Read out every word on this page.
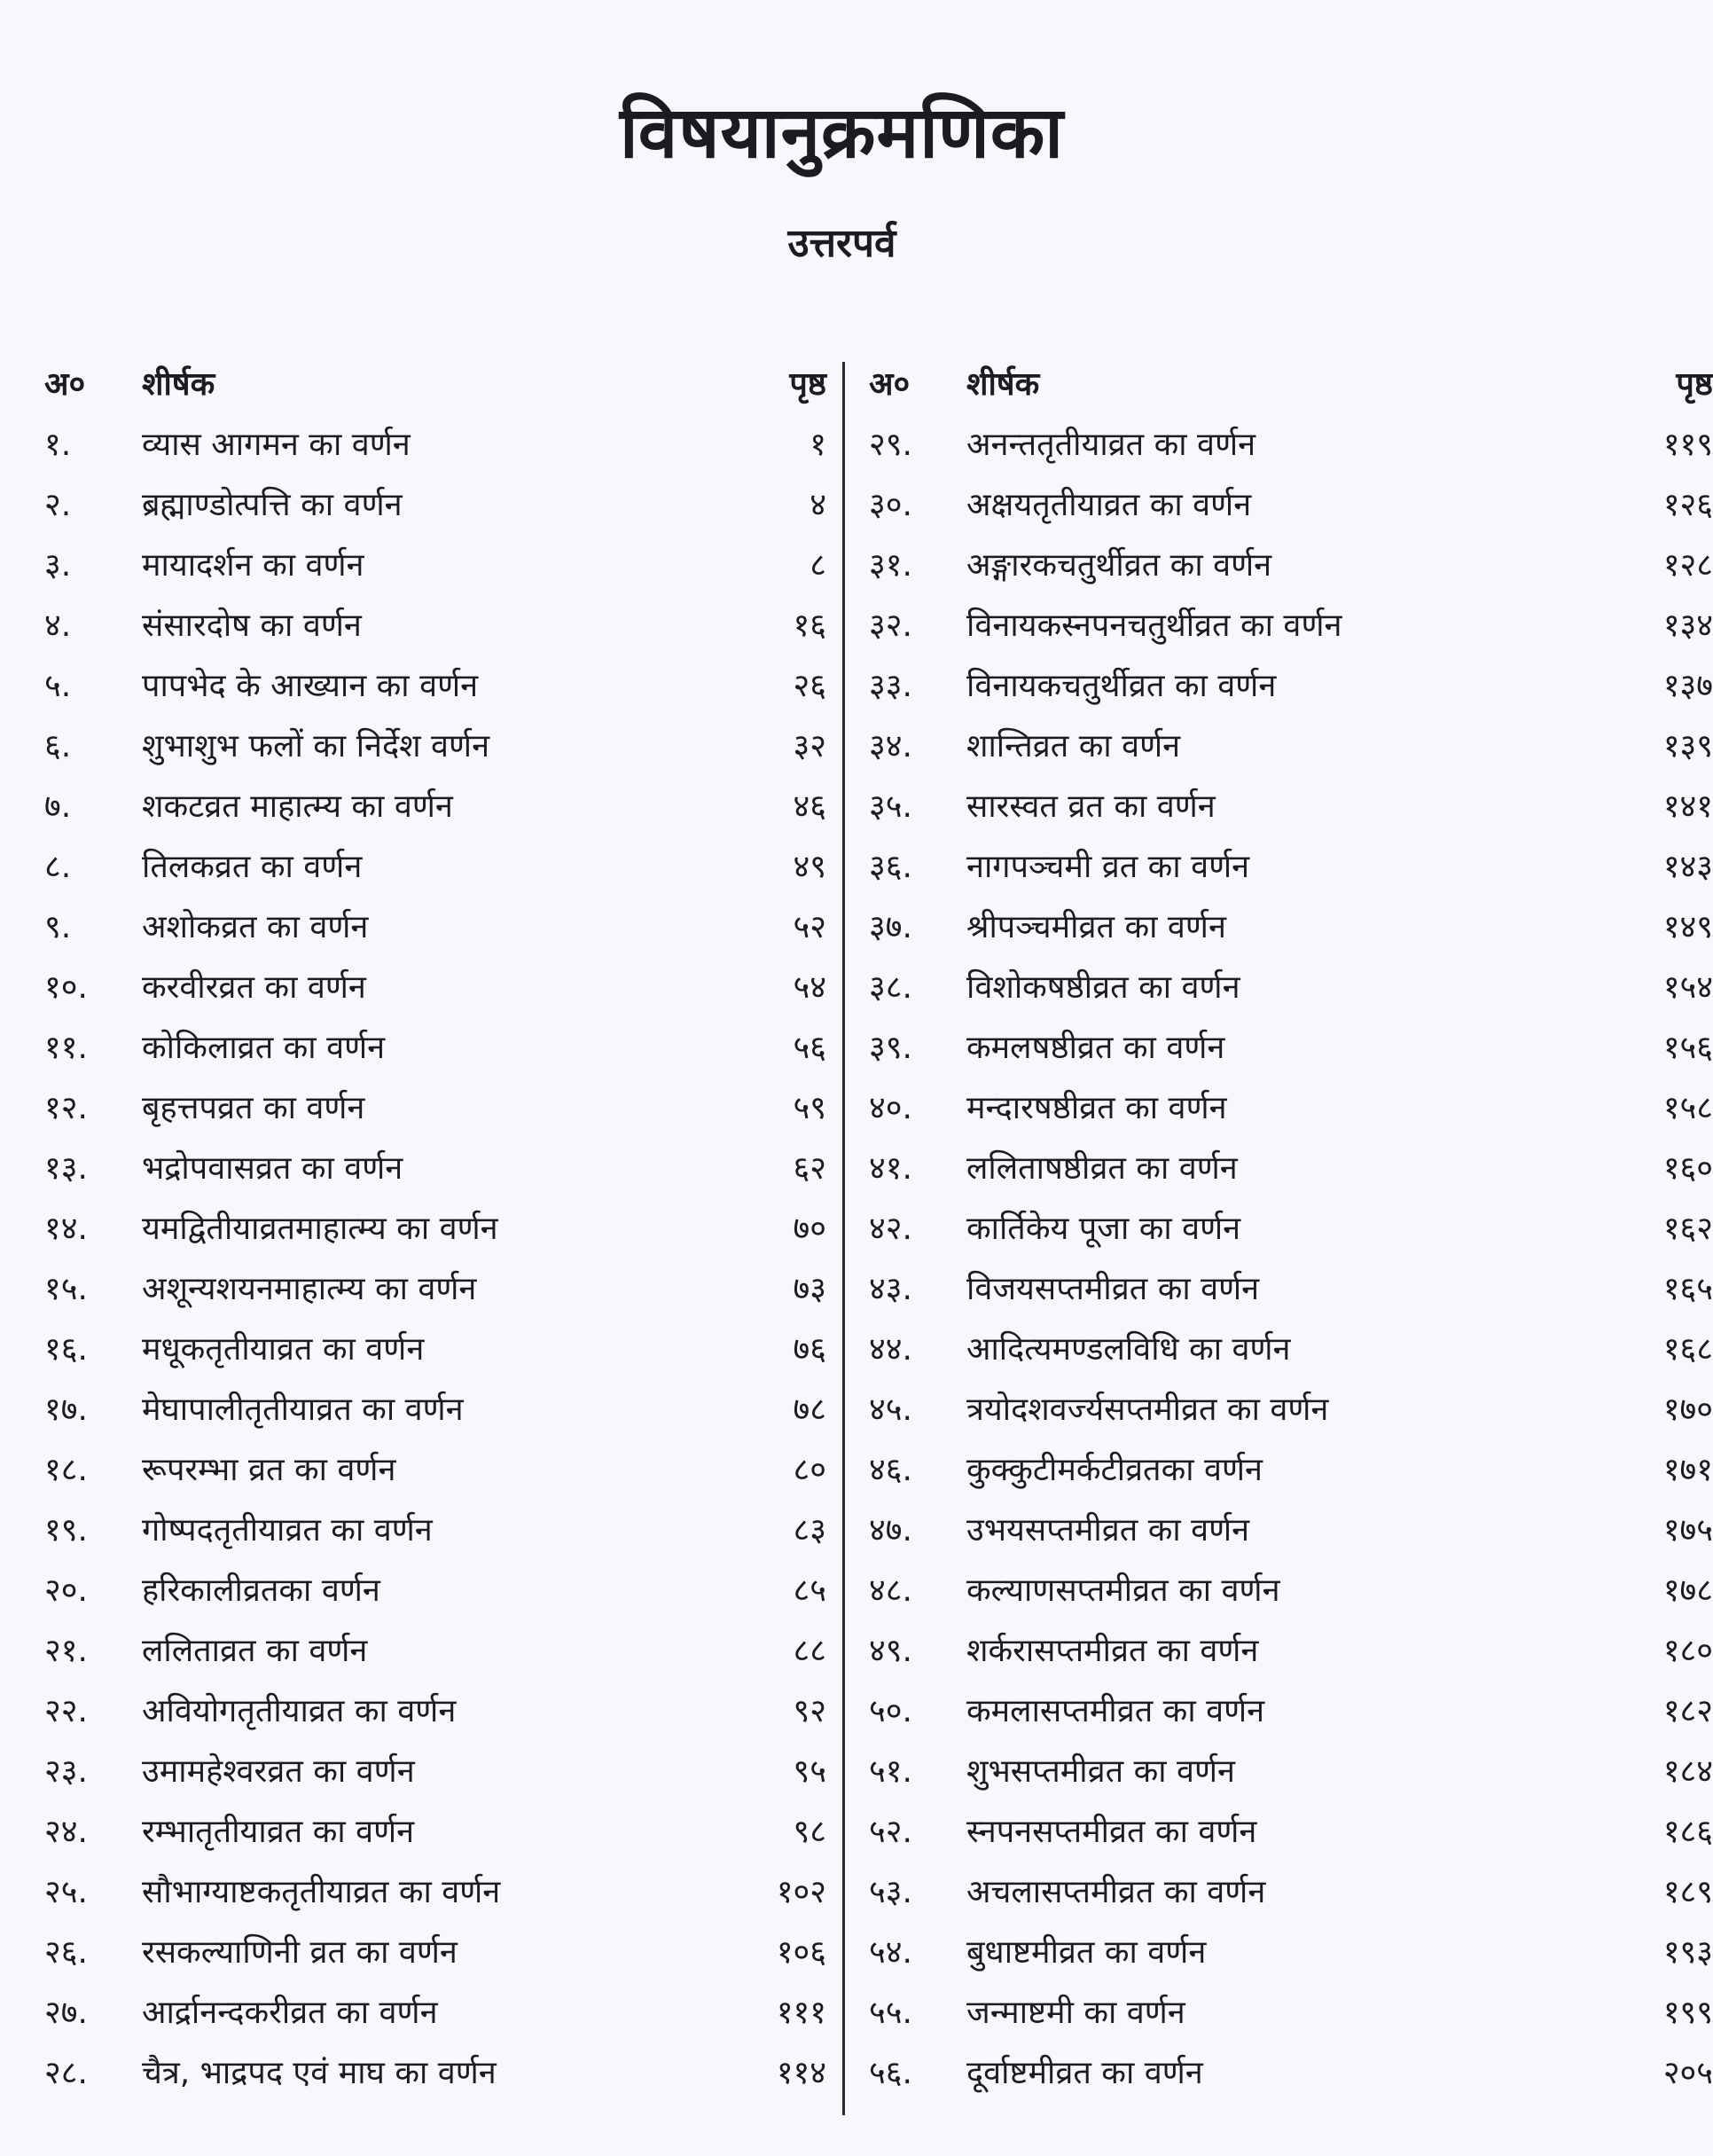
विषयानुक्रमणिका
उत्तरपर्व
अ०	शीर्षक	पृष्ठ
१.	व्यास आगमन का वर्णन	१
२.	ब्रह्माण्डोत्पत्ति का वर्णन	४
३.	मायादर्शन का वर्णन	८
४.	संसारदोष का वर्णन	१६
५.	पापभेद के आख्यान का वर्णन	२६
६.	शुभाशुभ फलों का निर्देश वर्णन	३२
७.	शकटव्रत माहात्म्य का वर्णन	४६
८.	तिलकव्रत का वर्णन	४९
९.	अशोकव्रत का वर्णन	५२
१०.	करवीरव्रत का वर्णन	५४
११.	कोकिलाव्रत का वर्णन	५६
१२.	बृहत्तपव्रत का वर्णन	५९
१३.	भद्रोपवासव्रत का वर्णन	६२
१४.	यमद्वितीयाव्रतमाहात्म्य का वर्णन	७०
१५.	अशून्यशयनमाहात्म्य का वर्णन	७३
१६.	मधूकतृतीयाव्रत का वर्णन	७६
१७.	मेघापालीतृतीयाव्रत का वर्णन	७८
१८.	रूपरम्भा व्रत का वर्णन	८०
१९.	गोष्पदतृतीयाव्रत का वर्णन	८३
२०.	हरिकालीव्रतका वर्णन	८५
२१.	ललिताव्रत का वर्णन	८८
२२.	अवियोगतृतीयाव्रत का वर्णन	९२
२३.	उमामहेश्वरव्रत का वर्णन	९५
२४.	रम्भातृतीयाव्रत का वर्णन	९८
२५.	सौभाग्याष्टकतृतीयाव्रत का वर्णन	१०२
२६.	रसकल्याणिनी व्रत का वर्णन	१०६
२७.	आर्द्रानन्दकरीव्रत का वर्णन	१११
२८.	चैत्र, भाद्रपद एवं माघ का वर्णन	११४
अ०	शीर्षक	पृष्ठ
२९.	अनन्ततृतीयाव्रत का वर्णन	११९
३०.	अक्षयतृतीयाव्रत का वर्णन	१२६
३१.	अङ्गारकचतुर्थीव्रत का वर्णन	१२८
३२.	विनायकस्नपनचतुर्थीव्रत का वर्णन	१३४
३३.	विनायकचतुर्थीव्रत का वर्णन	१३७
३४.	शान्तिव्रत का वर्णन	१३९
३५.	सारस्वत व्रत का वर्णन	१४१
३६.	नागपञ्चमी व्रत का वर्णन	१४३
३७.	श्रीपञ्चमीव्रत का वर्णन	१४९
३८.	विशोकषष्ठीव्रत का वर्णन	१५४
३९.	कमलषष्ठीव्रत का वर्णन	१५६
४०.	मन्दारषष्ठीव्रत का वर्णन	१५८
४१.	ललिताषष्ठीव्रत का वर्णन	१६०
४२.	कार्तिकेय पूजा का वर्णन	१६२
४३.	विजयसप्तमीव्रत का वर्णन	१६५
४४.	आदित्यमण्डलविधि का वर्णन	१६८
४५.	त्रयोदशवर्ज्यसप्तमीव्रत का वर्णन	१७०
४६.	कुक्कुटीमर्कटीव्रतका वर्णन	१७१
४७.	उभयसप्तमीव्रत का वर्णन	१७५
४८.	कल्याणसप्तमीव्रत का वर्णन	१७८
४९.	शर्करासप्तमीव्रत का वर्णन	१८०
५०.	कमलासप्तमीव्रत का वर्णन	१८२
५१.	शुभसप्तमीव्रत का वर्णन	१८४
५२.	स्नपनसप्तमीव्रत का वर्णन	१८६
५३.	अचलासप्तमीव्रत का वर्णन	१८९
५४.	बुधाष्टमीव्रत का वर्णन	१९३
५५.	जन्माष्टमी का वर्णन	१९९
५६.	दूर्वाष्टमीव्रत का वर्णन	२०५
